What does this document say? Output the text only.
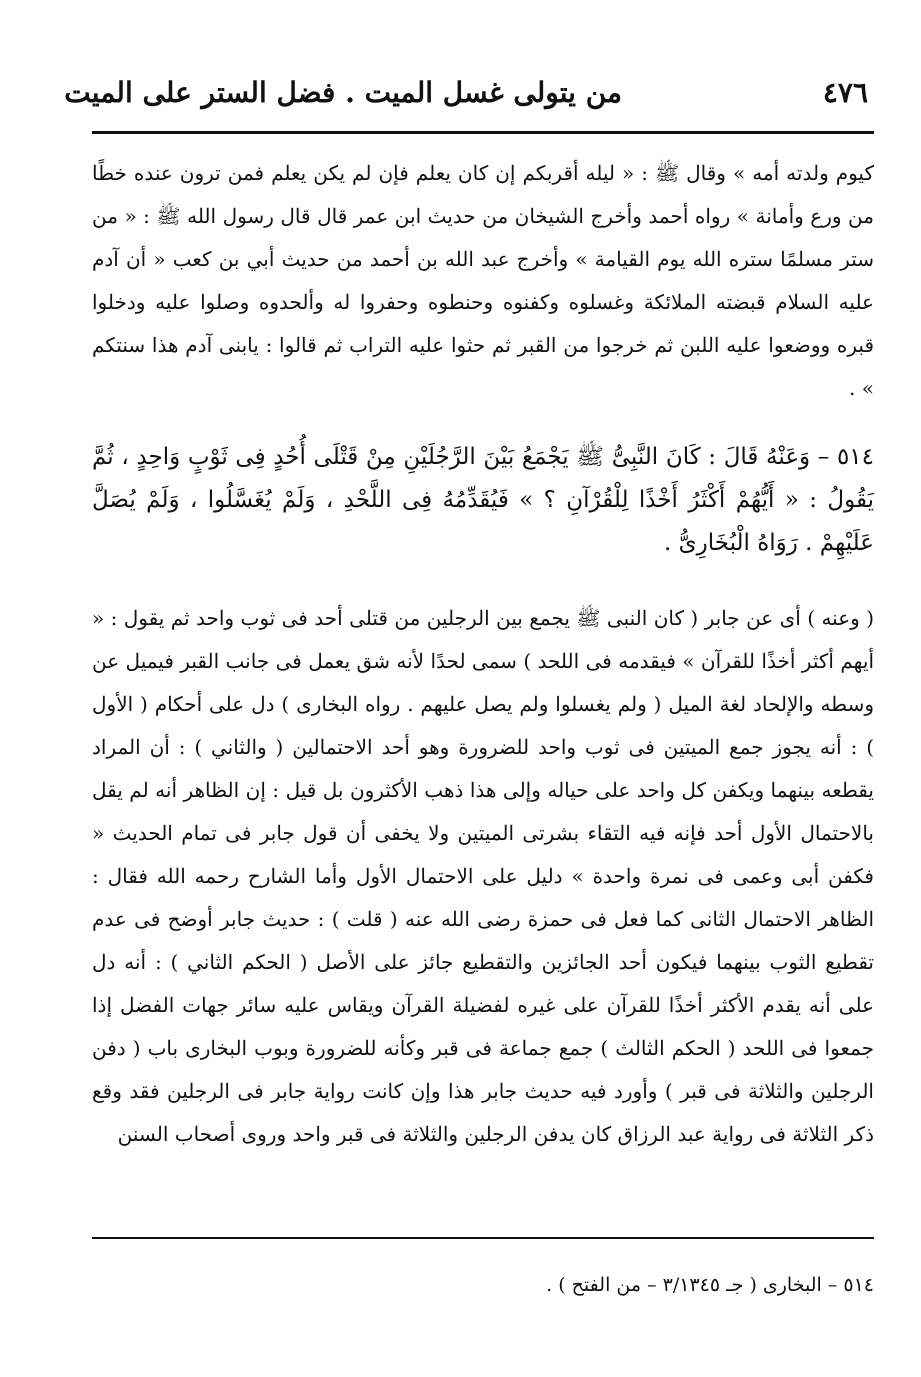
٤٧٦
من يتولى غسل الميت . فضل الستر على الميت

كيوم ولدته أمه » وقال ﷺ : « ليله أقربكم إن كان يعلم فإن لم يكن يعلم فمن ترون عنده خطًا من ورع وأمانة » رواه أحمد وأخرج الشيخان من حديث ابن عمر قال قال رسول الله ﷺ : « من ستر مسلمًا ستره الله يوم القيامة » وأخرج عبد الله بن أحمد من حديث أبي بن كعب « أن آدم عليه السلام قبضته الملائكة وغسلوه وكفنوه وحنطوه وحفروا له وألحدوه وصلوا عليه ودخلوا قبره ووضعوا عليه اللبن ثم خرجوا من القبر ثم حثوا عليه التراب ثم قالوا : يابنى آدم هذا سنتكم » .

٥١٤ – وَعَنْهُ قَالَ : كَانَ النَّبِىُّ ﷺ يَجْمَعُ بَيْنَ الرَّجُلَيْنِ مِنْ قَتْلَى أُحُدٍ فِى ثَوْبٍ وَاحِدٍ ، ثُمَّ يَقُولُ : « أَيُّهُمْ أَكْثَرُ أَخْذًا لِلْقُرْآنِ ؟ » فَيُقَدِّمُهُ فِى اللَّحْدِ ، وَلَمْ يُغَسَّلُوا ، وَلَمْ يُصَلَّ عَلَيْهِمْ . رَوَاهُ الْبُخَارِىُّ .

( وعنه ) أى عن جابر ( كان النبى ﷺ يجمع بين الرجلين من قتلى أحد فى ثوب واحد ثم يقول : « أيهم أكثر أخذًا للقرآن » فيقدمه فى اللحد ) سمى لحدًا لأنه شق يعمل فى جانب القبر فيميل عن وسطه والإلحاد لغة الميل ( ولم يغسلوا ولم يصل عليهم . رواه البخارى ) دل على أحكام ( الأول ) : أنه يجوز جمع الميتين فى ثوب واحد للضرورة وهو أحد الاحتمالين ( والثاني ) : أن المراد يقطعه بينهما ويكفن كل واحد على حياله وإلى هذا ذهب الأكثرون بل قيل : إن الظاهر أنه لم يقل بالاحتمال الأول أحد فإنه فيه التقاء بشرتى الميتين ولا يخفى أن قول جابر فى تمام الحديث « فكفن أبى وعمى فى نمرة واحدة » دليل على الاحتمال الأول وأما الشارح رحمه الله فقال : الظاهر الاحتمال الثانى كما فعل فى حمزة رضى الله عنه ( قلت ) : حديث جابر أوضح فى عدم تقطيع الثوب بينهما فيكون أحد الجائزين والتقطيع جائز على الأصل ( الحكم الثاني ) : أنه دل على أنه يقدم الأكثر أخذًا للقرآن على غيره لفضيلة القرآن ويقاس عليه سائر جهات الفضل إذا جمعوا فى اللحد ( الحكم الثالث ) جمع جماعة فى قبر وكأنه للضرورة وبوب البخارى باب ( دفن الرجلين والثلاثة فى قبر ) وأورد فيه حديث جابر هذا وإن كانت رواية جابر فى الرجلين فقد وقع ذكر الثلاثة فى رواية عبد الرزاق كان يدفن الرجلين والثلاثة فى قبر واحد وروى أصحاب السنن

٥١٤ – البخارى ( جـ ٣/١٣٤٥ – من الفتح ) .
